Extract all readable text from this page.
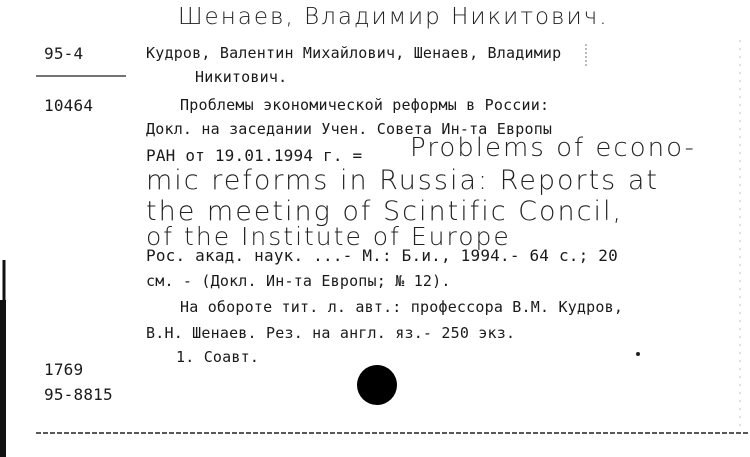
Шенаев, Владимир Никитович.
95-4
10464
1769
95-8815
Кудров, Валентин Михайлович, Шенаев, Владимир
Никитович.
Проблемы экономической реформы в России:
Докл. на заседании Учен. Совета Ин-та Европы
РАН от 19.01.1994 г. = Problems of econo-
mic reforms in Russia: Reports at
the meeting of Scintific Concil,
of the Institute of Europe
Рос. акад. наук. ...- М.: Б.и., 1994.- 64 с.; 20
см. - (Докл. Ин-та Европы; № 12).
На обороте тит. л. авт.: профессора В.М. Кудров,
В.Н. Шенаев. Рез. на англ. яз.- 250 экз.
1. Соавт.
